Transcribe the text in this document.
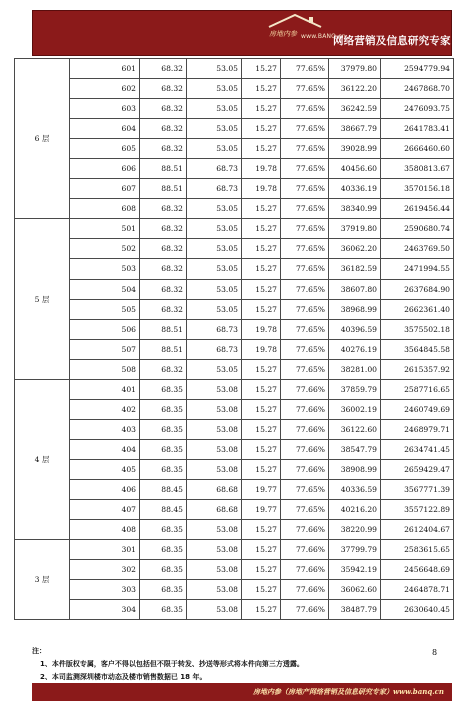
房地内参 www.BANQ.cn
网络营销及信息研究专家
6 层	601	68.32	53.05	15.27	77.65%	37979.80	2594779.94
	602	68.32	53.05	15.27	77.65%	36122.20	2467868.70
	603	68.32	53.05	15.27	77.65%	36242.59	2476093.75
	604	68.32	53.05	15.27	77.65%	38667.79	2641783.41
	605	68.32	53.05	15.27	77.65%	39028.99	2666460.60
	606	88.51	68.73	19.78	77.65%	40456.60	3580813.67
	607	88.51	68.73	19.78	77.65%	40336.19	3570156.18
	608	68.32	53.05	15.27	77.65%	38340.99	2619456.44
5 层	501	68.32	53.05	15.27	77.65%	37919.80	2590680.74
	502	68.32	53.05	15.27	77.65%	36062.20	2463769.50
	503	68.32	53.05	15.27	77.65%	36182.59	2471994.55
	504	68.32	53.05	15.27	77.65%	38607.80	2637684.90
	505	68.32	53.05	15.27	77.65%	38968.99	2662361.40
	506	88.51	68.73	19.78	77.65%	40396.59	3575502.18
	507	88.51	68.73	19.78	77.65%	40276.19	3564845.58
	508	68.32	53.05	15.27	77.65%	38281.00	2615357.92
4 层	401	68.35	53.08	15.27	77.66%	37859.79	2587716.65
	402	68.35	53.08	15.27	77.66%	36002.19	2460749.69
	403	68.35	53.08	15.27	77.66%	36122.60	2468979.71
	404	68.35	53.08	15.27	77.66%	38547.79	2634741.45
	405	68.35	53.08	15.27	77.66%	38908.99	2659429.47
	406	88.45	68.68	19.77	77.65%	40336.59	3567771.39
	407	88.45	68.68	19.77	77.65%	40216.20	3557122.89
	408	68.35	53.08	15.27	77.66%	38220.99	2612404.67
3 层	301	68.35	53.08	15.27	77.66%	37799.79	2583615.65
	302	68.35	53.08	15.27	77.66%	35942.19	2456648.69
	303	68.35	53.08	15.27	77.66%	36062.60	2464878.71
	304	68.35	53.08	15.27	77.66%	38487.79	2630640.45
注：
1、本件版权专属，客户不得以包括但不限于转发、抄送等形式将本件向第三方透露。
2、本司监测深圳楼市动态及楼市销售数据已 18 年。
8
房地内参（房地产网络营销及信息研究专家）www.banq.cn
